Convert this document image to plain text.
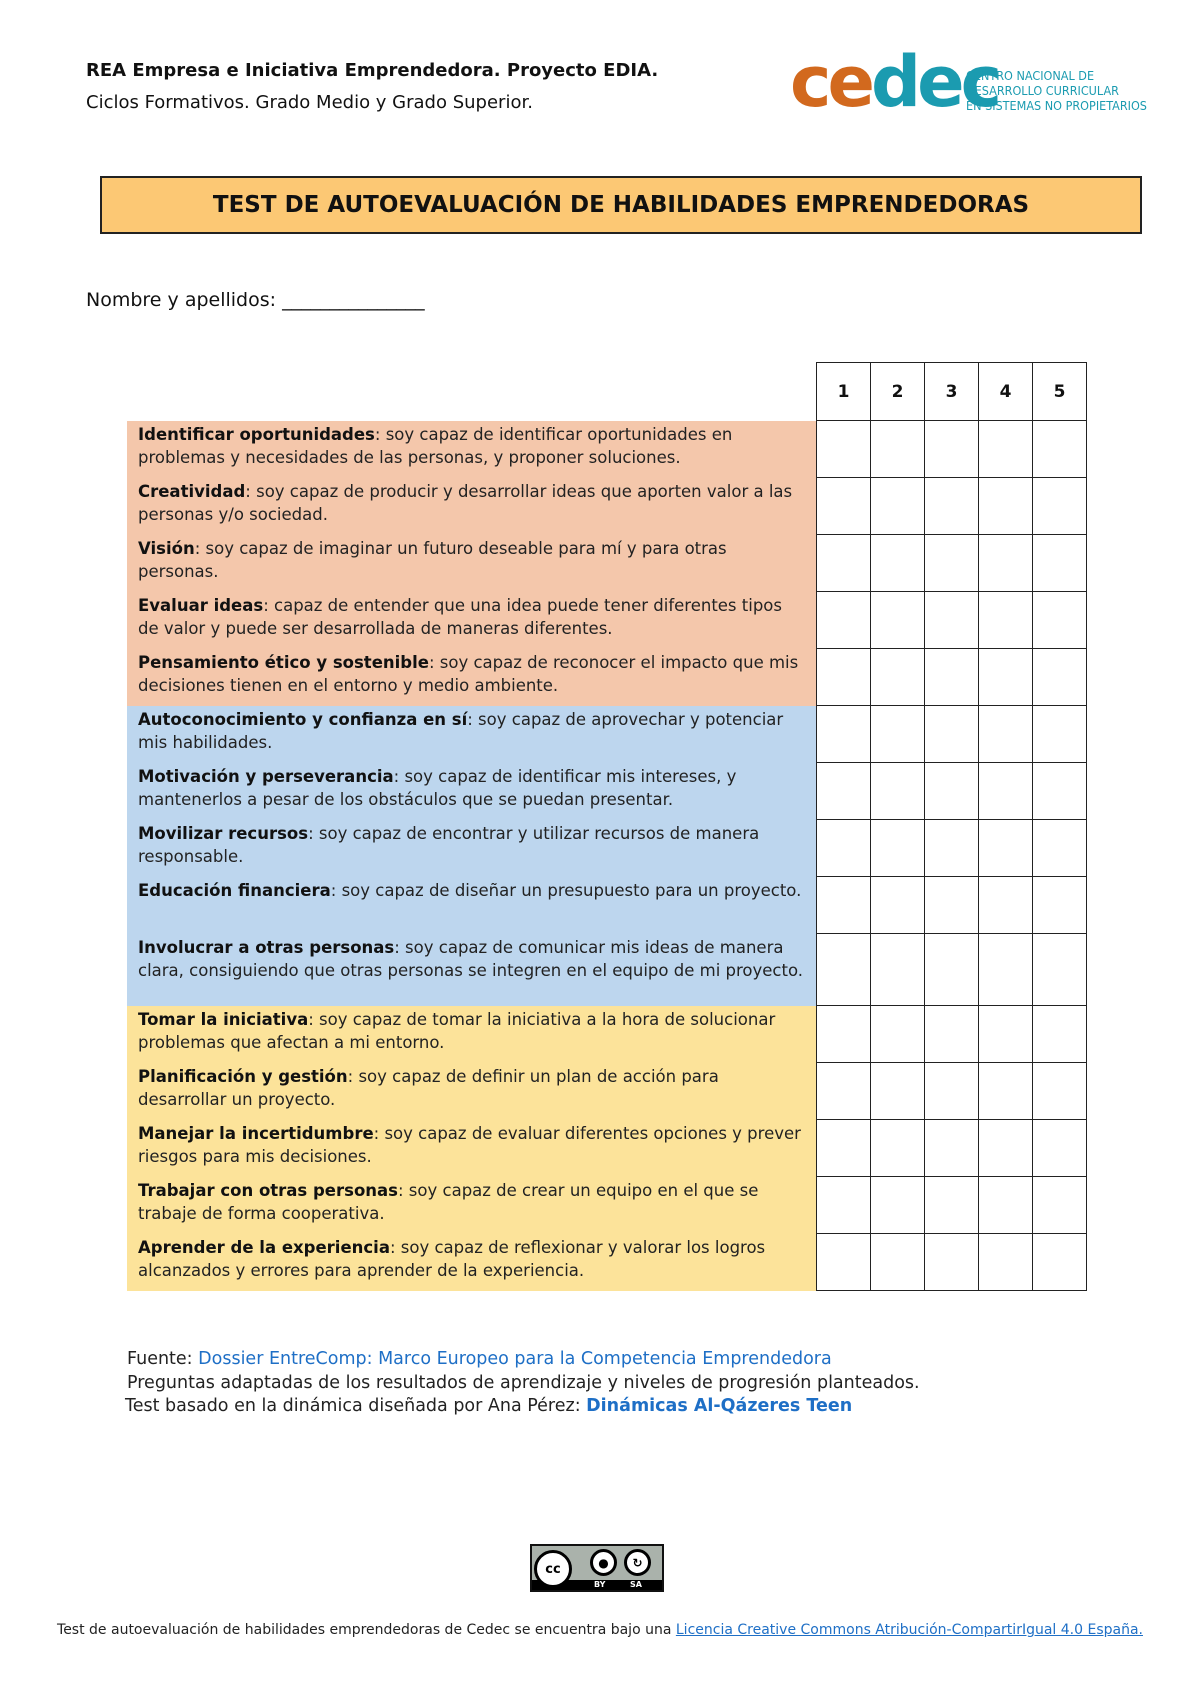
REA Empresa e Iniciativa Emprendedora. Proyecto EDIA.
Ciclos Formativos. Grado Medio y Grado Superior.	cedec
CENTRO NACIONAL DE
DESARROLLO CURRICULAR
EN SISTEMAS NO PROPIETARIOS
TEST DE AUTOEVALUACIÓN DE HABILIDADES EMPRENDEDORAS
Nombre y apellidos: _______________
1	2	3	4	5
Identificar oportunidades: soy capaz de identificar oportunidades en problemas y necesidades de las personas, y proponer soluciones.
Creatividad: soy capaz de producir y desarrollar ideas que aporten valor a las personas y/o sociedad.
Visión: soy capaz de imaginar un futuro deseable para mí y para otras personas.
Evaluar ideas: capaz de entender que una idea puede tener diferentes tipos de valor y puede ser desarrollada de maneras diferentes.
Pensamiento ético y sostenible: soy capaz de reconocer el impacto que mis decisiones tienen en el entorno y medio ambiente.
Autoconocimiento y confianza en sí: soy capaz de aprovechar y potenciar mis habilidades.
Motivación y perseverancia: soy capaz de identificar mis intereses, y mantenerlos a pesar de los obstáculos que se puedan presentar.
Movilizar recursos: soy capaz de encontrar y utilizar recursos de manera responsable.
Educación financiera: soy capaz de diseñar un presupuesto para un proyecto.
Involucrar a otras personas: soy capaz de comunicar mis ideas de manera clara, consiguiendo que otras personas se integren en el equipo de mi proyecto.
Tomar la iniciativa: soy capaz de tomar la iniciativa a la hora de solucionar problemas que afectan a mi entorno.
Planificación y gestión: soy capaz de definir un plan de acción para desarrollar un proyecto.
Manejar la incertidumbre: soy capaz de evaluar diferentes opciones y prever riesgos para mis decisiones.
Trabajar con otras personas: soy capaz de crear un equipo en el que se trabaje de forma cooperativa.
Aprender de la experiencia: soy capaz de reflexionar y valorar los logros alcanzados y errores para aprender de la experiencia.
Fuente: Dossier EntreComp: Marco Europeo para la Competencia Emprendedora
Preguntas adaptadas de los resultados de aprendizaje y niveles de progresión planteados.
Test basado en la dinámica diseñada por Ana Pérez: Dinámicas Al-Qázeres Teen
cc	●	↻
BY	SA
Test de autoevaluación de habilidades emprendedoras de Cedec se encuentra bajo una Licencia Creative Commons Atribución-CompartirIgual 4.0 España.
